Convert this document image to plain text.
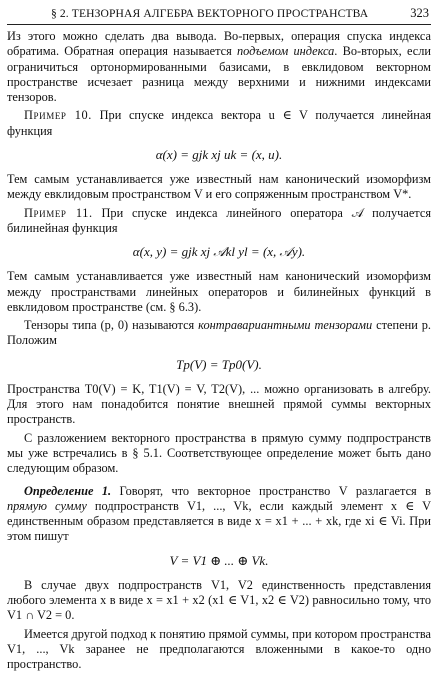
§ 2. ТЕНЗОРНАЯ АЛГЕБРА ВЕКТОРНОГО ПРОСТРАНСТВА	323

Из этого можно сделать два вывода. Во-первых, операция спуска индекса обратима. Обратная операция называется подъемом индекса. Во-вторых, если ограничиться ортонормированными базисами, в евклидовом векторном пространстве исчезает разница между верхними и нижними индексами тензоров.

Пример 10. При спуске индекса вектора u ∈ V получается линейная функция

α(x) = gjk xj uk = (x, u).

Тем самым устанавливается уже известный нам канонический изоморфизм между евклидовым пространством V и его сопряженным пространством V*.

Пример 11. При спуске индекса линейного оператора 𝒜 получается билинейная функция

α(x, y) = gjk xj 𝒜kl yl = (x, 𝒜y).

Тем самым устанавливается уже известный нам канонический изоморфизм между пространствами линейных операторов и билинейных функций в евклидовом пространстве (см. § 6.3).

Тензоры типа (p, 0) называются контравариантными тензорами степени p. Положим

Tp(V) = Tp0(V).

Пространства T0(V) = K, T1(V) = V, T2(V), ... можно организовать в алгебру. Для этого нам понадобится понятие внешней прямой суммы векторных пространств.

С разложением векторного пространства в прямую сумму подпространств мы уже встречались в § 5.1. Соответствующее определение может быть дано следующим образом.

Определение 1. Говорят, что векторное пространство V разлагается в прямую сумму подпространств V1, ..., Vk, если каждый элемент x ∈ V единственным образом представляется в виде x = x1 + ... + xk, где xi ∈ Vi. При этом пишут

V = V1 ⊕ ... ⊕ Vk.

В случае двух подпространств V1, V2 единственность представления любого элемента x в виде x = x1 + x2 (x1 ∈ V1, x2 ∈ V2) равносильно тому, что V1 ∩ V2 = 0.

Имеется другой подход к понятию прямой суммы, при котором пространства V1, ..., Vk заранее не предполагаются вложенными в какое-то одно пространство.
